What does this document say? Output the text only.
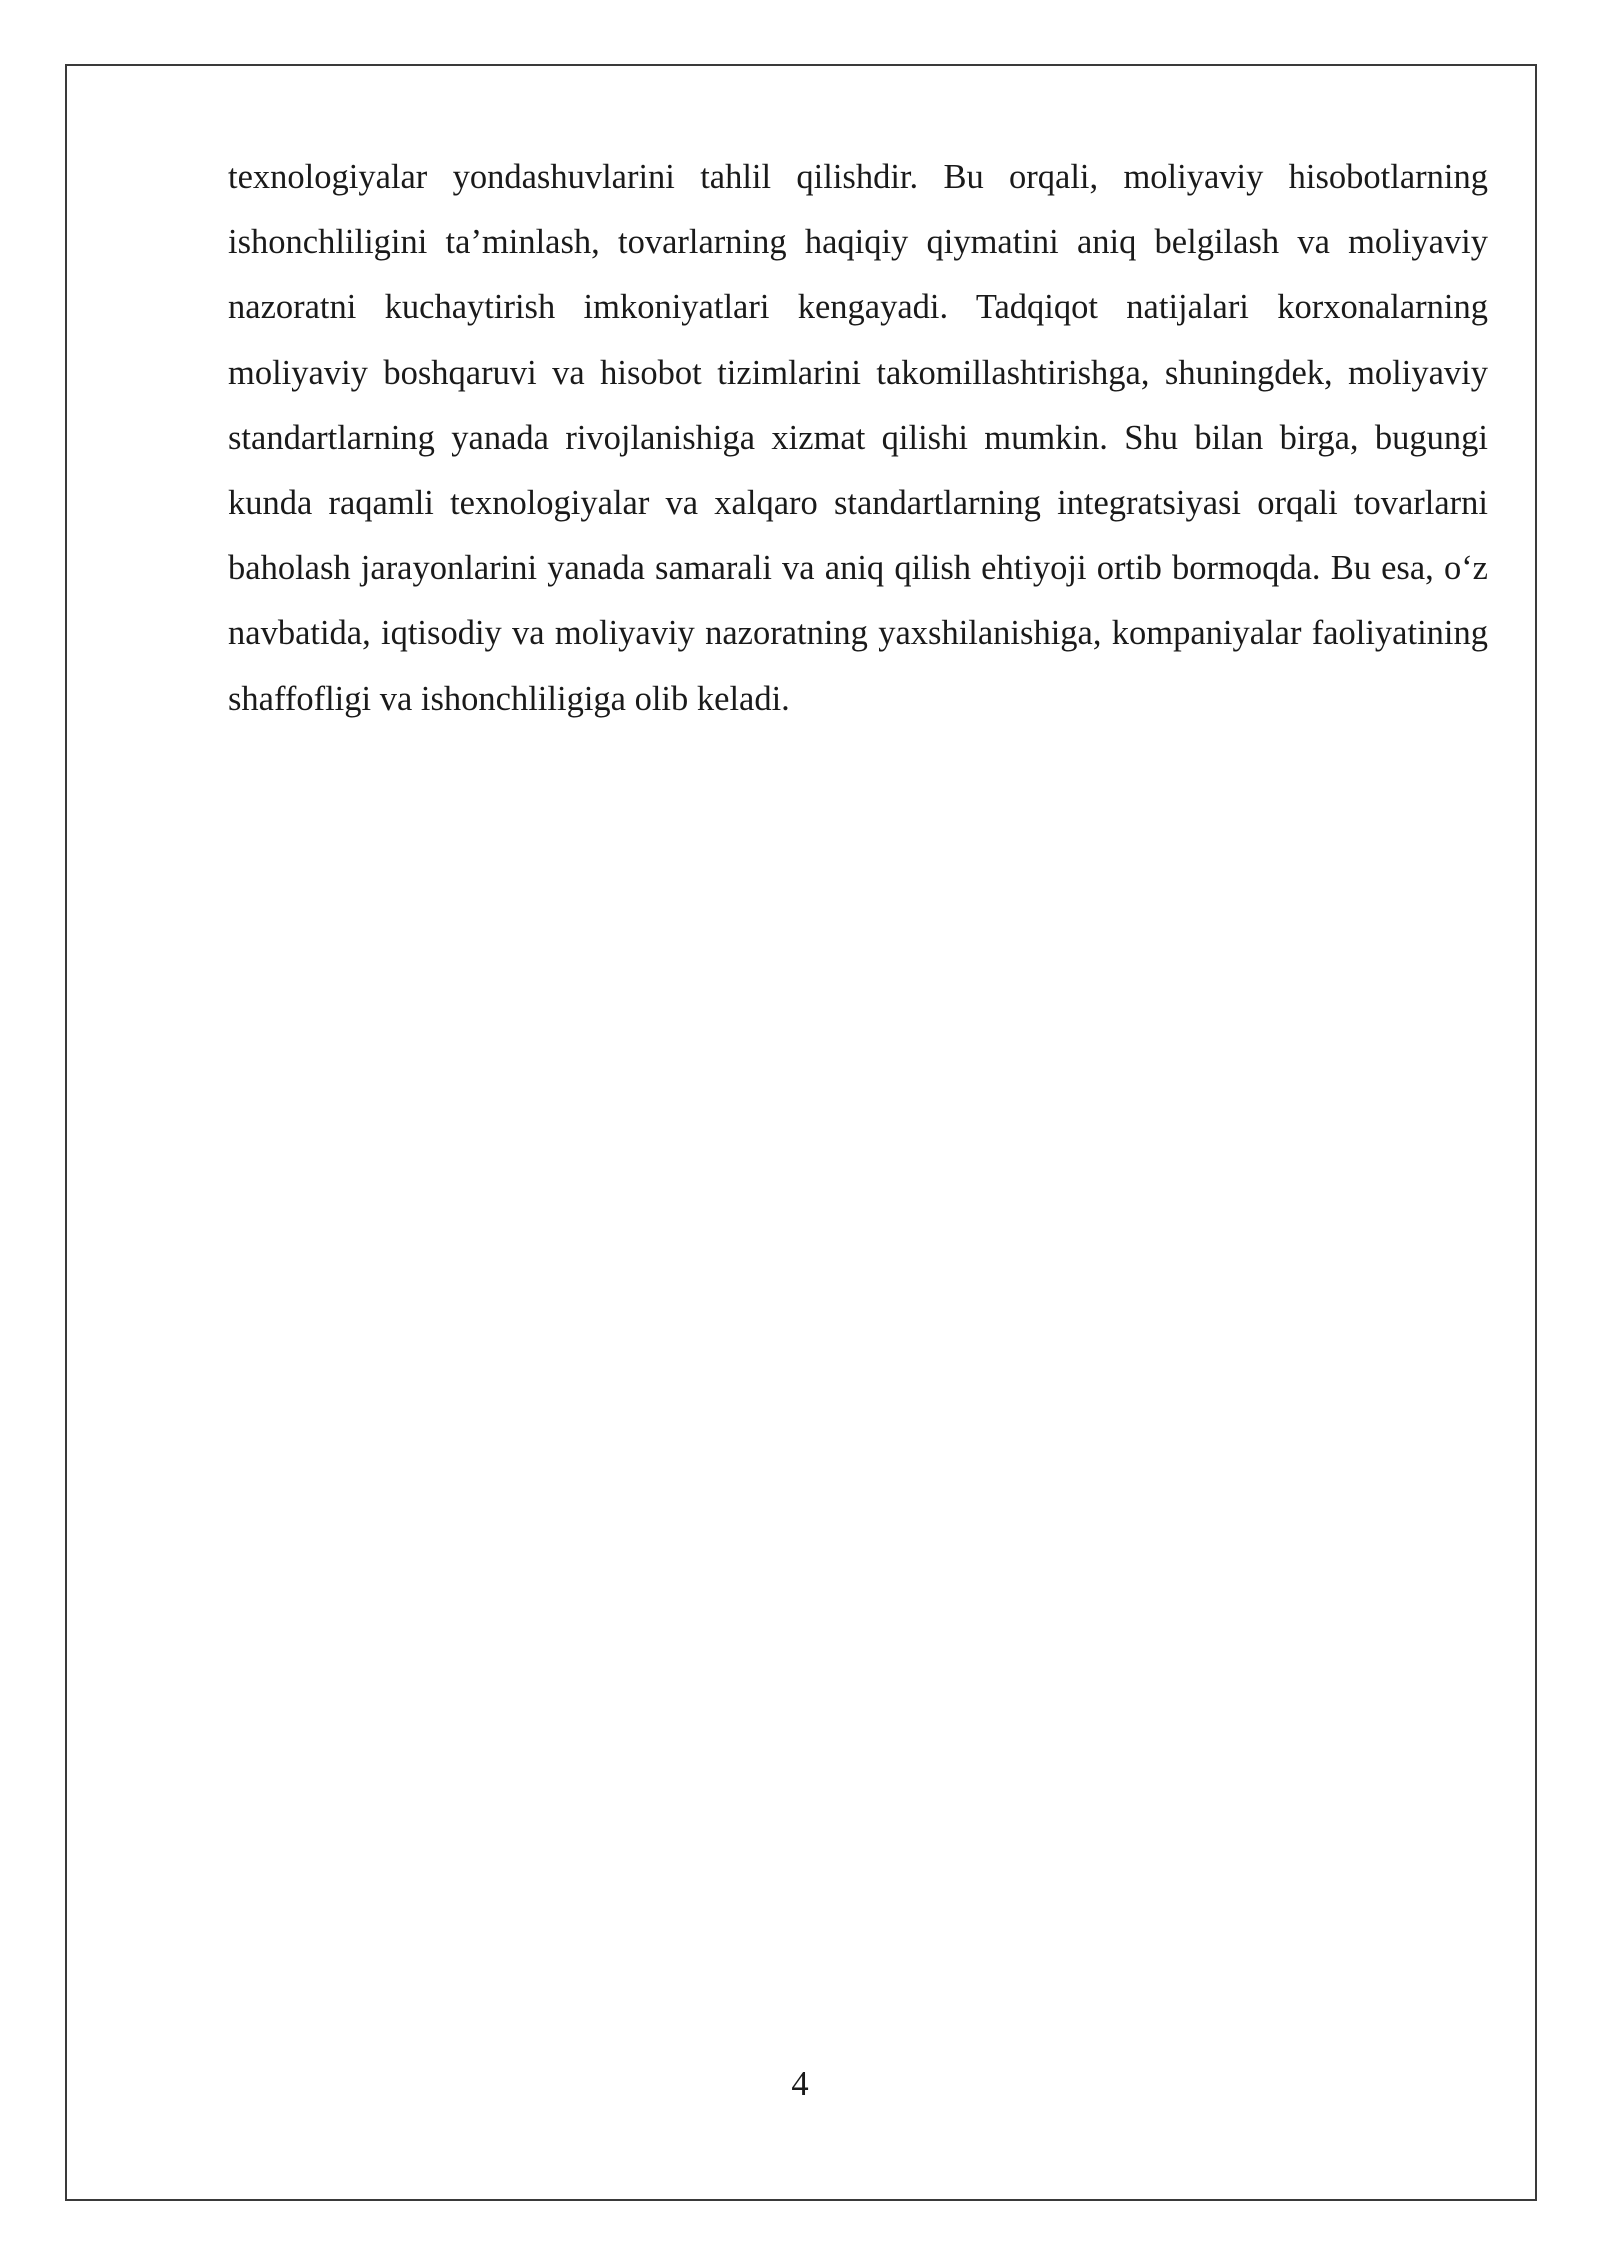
texnologiyalar yondashuvlarini tahlil qilishdir. Bu orqali, moliyaviy hisobotlarning ishonchliligini ta’minlash, tovarlarning haqiqiy qiymatini aniq belgilash va moliyaviy nazoratni kuchaytirish imkoniyatlari kengayadi. Tadqiqot natijalari korxonalarning moliyaviy boshqaruvi va hisobot tizimlarini takomillashtirishga, shuningdek, moliyaviy standartlarning yanada rivojlanishiga xizmat qilishi mumkin. Shu bilan birga, bugungi kunda raqamli texnologiyalar va xalqaro standartlarning integratsiyasi orqali tovarlarni baholash jarayonlarini yanada samarali va aniq qilish ehtiyoji ortib bormoqda. Bu esa, o‘z navbatida, iqtisodiy va moliyaviy nazoratning yaxshilanishiga, kompaniyalar faoliyatining shaffofligi va ishonchliligiga olib keladi.

4
